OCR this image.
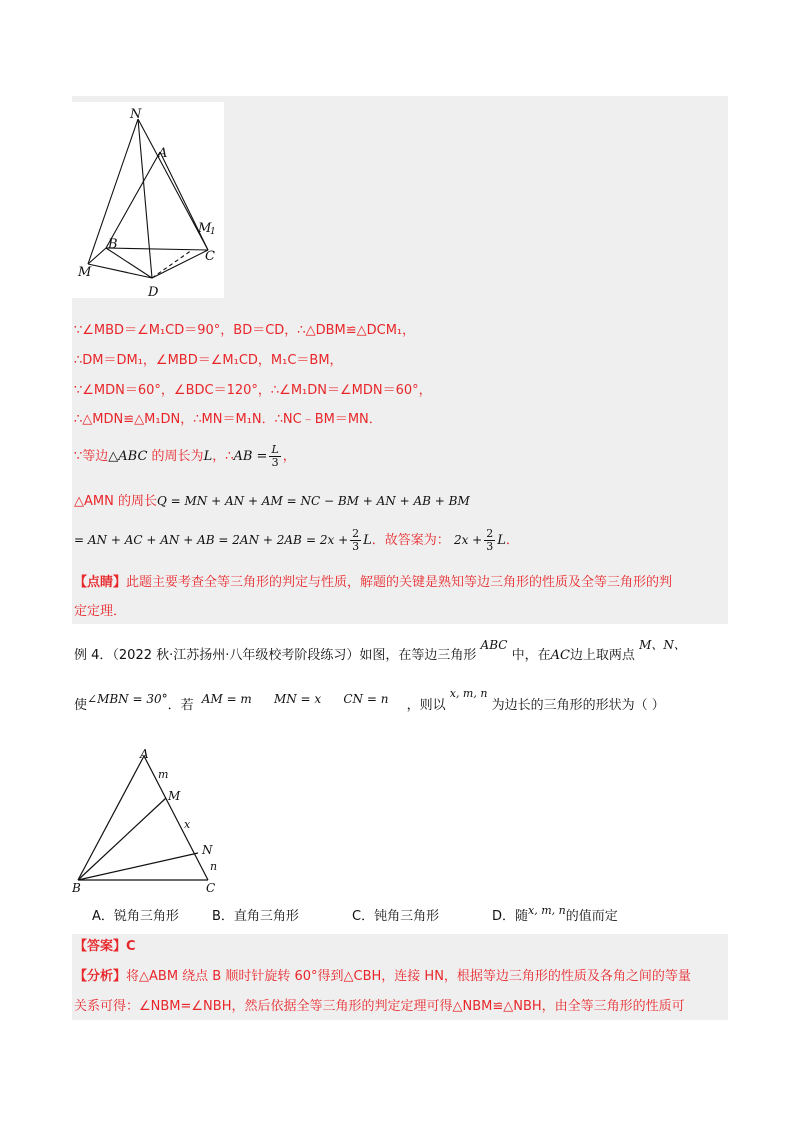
N
A
M
1
B
C
M
D
∵∠MBD＝∠M₁CD＝90°，BD＝CD，∴△DBM≌△DCM₁，
∴DM＝DM₁，∠MBD＝∠M₁CD，M₁C＝BM，
∵∠MDN＝60°，∠BDC＝120°，∴∠M₁DN＝∠MDN＝60°，
∴△MDN≌△M₁DN，∴MN＝M₁N．∴NC﹣BM＝MN．
∵等边△ABC 的周长为L，∴AB = $\frac{L}{3}$ ，
△AMN 的周长Q = MN + AN + AM = NC − BM + AN + AB + BM
= AN + AC + AN + AB = $2AN + 2AB = 2x + \frac{2}{3}$ L．故答案为： $2x + \frac{2}{3}$ L．
【点睛】此题主要考查全等三角形的判定与性质，解题的关键是熟知等边三角形的性质及全等三角形的判
定定理．
例 4．（2022 秋·江苏扬州·八年级校考阶段练习）如图，在等边三角形 ABC 中，在AC边上取两点 M、N、
使∠MBN = 30°．若 AM = m MN = x CN = n ，则以 $^{x, m, n}$ 为边长的三角形的形状为（ ）
A
m
M
x
N
n
B	C
A．锐角三角形	B．直角三角形	C．钝角三角形	D．随$^{x, m, n}$的值而定
【答案】C
【分析】将△ABM 绕点 B 顺时针旋转 60°得到△CBH，连接 HN，根据等边三角形的性质及各角之间的等量
关系可得：∠NBM=∠NBH，然后依据全等三角形的判定定理可得△NBM≌△NBH，由全等三角形的性质可
